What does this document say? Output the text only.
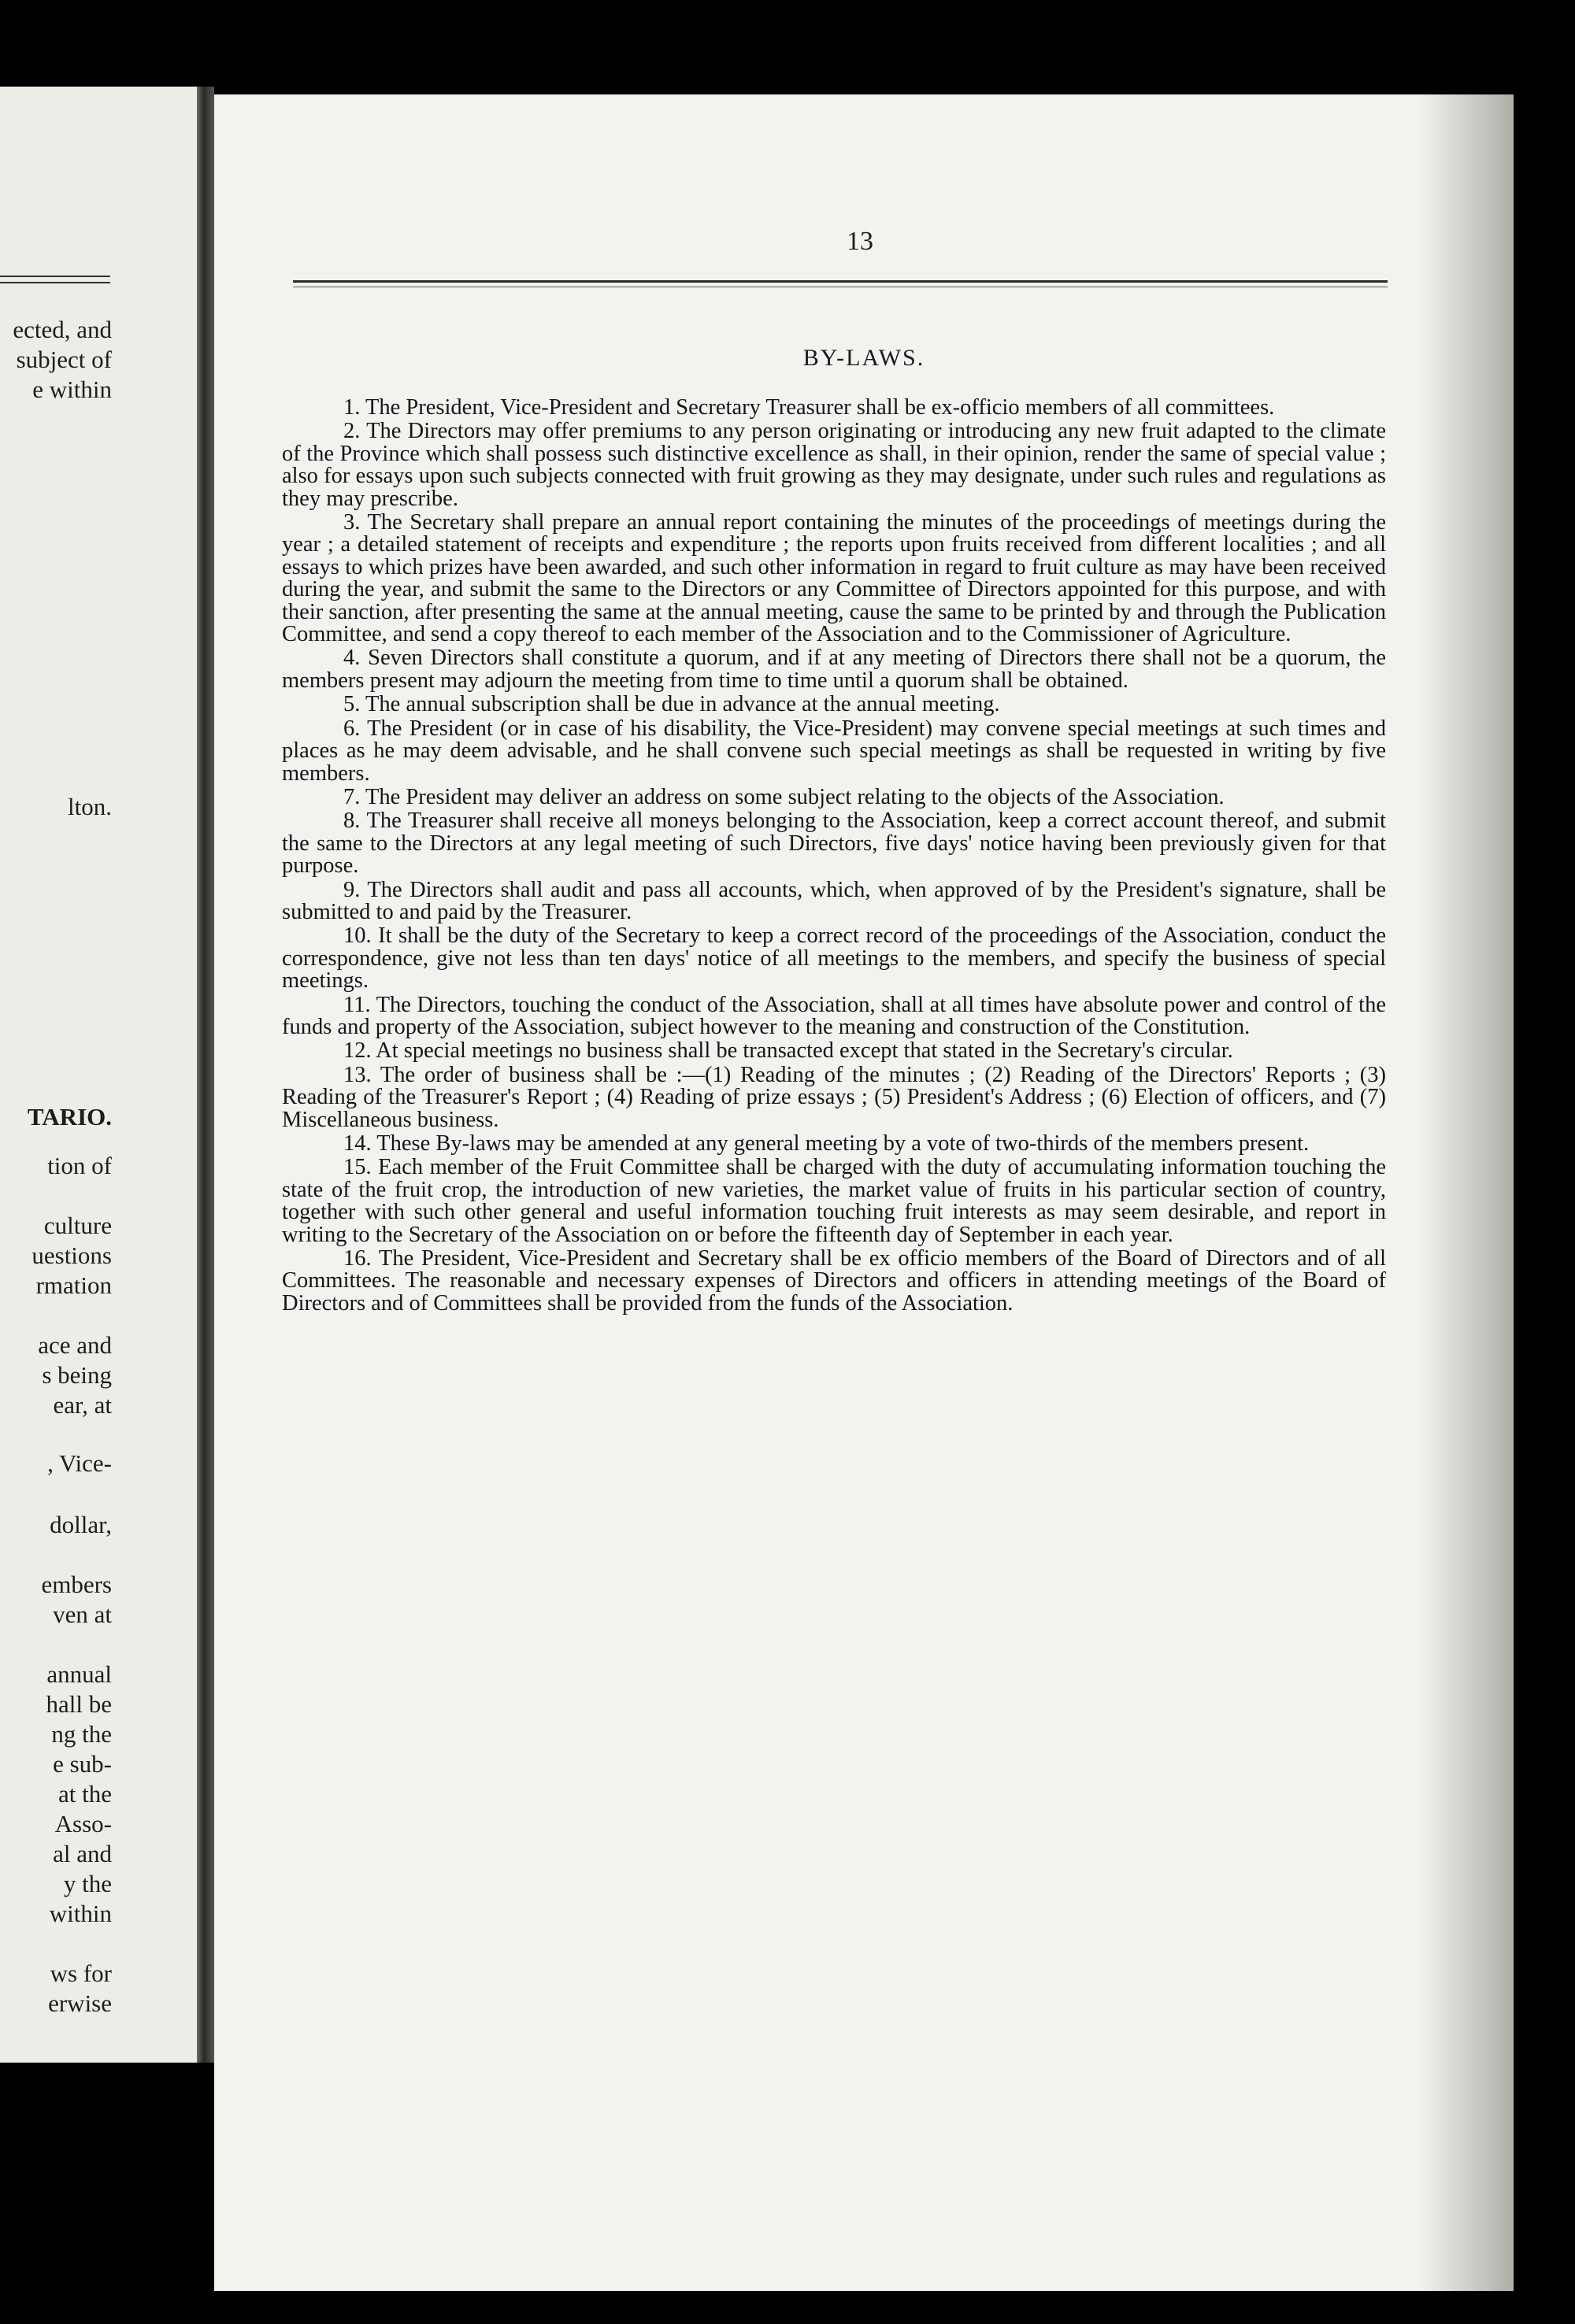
ected, and
subject of
e within
lton.
TARIO.
tion of
culture
uestions
rmation
ace and
s being
ear, at
, Vice-
dollar,
embers
ven at
annual
hall be
ng the
e sub-
at the
Asso-
al and
y the
within
ws for
erwise
13
BY-LAWS.

1. The President, Vice-President and Secretary Treasurer shall be ex-officio members of all committees.

2. The Directors may offer premiums to any person originating or introducing any new fruit adapted to the climate of the Province which shall possess such distinctive excellence as shall, in their opinion, render the same of special value ; also for essays upon such subjects connected with fruit growing as they may designate, under such rules and regulations as they may prescribe.

3. The Secretary shall prepare an annual report containing the minutes of the proceedings of meetings during the year ; a detailed statement of receipts and expenditure ; the reports upon fruits received from different localities ; and all essays to which prizes have been awarded, and such other information in regard to fruit culture as may have been received during the year, and submit the same to the Directors or any Committee of Directors appointed for this purpose, and with their sanction, after presenting the same at the annual meeting, cause the same to be printed by and through the Publication Committee, and send a copy thereof to each member of the Association and to the Commissioner of Agriculture.

4. Seven Directors shall constitute a quorum, and if at any meeting of Directors there shall not be a quorum, the members present may adjourn the meeting from time to time until a quorum shall be obtained.

5. The annual subscription shall be due in advance at the annual meeting.

6. The President (or in case of his disability, the Vice-President) may convene special meetings at such times and places as he may deem advisable, and he shall convene such special meetings as shall be requested in writing by five members.

7. The President may deliver an address on some subject relating to the objects of the Association.

8. The Treasurer shall receive all moneys belonging to the Association, keep a correct account thereof, and submit the same to the Directors at any legal meeting of such Directors, five days' notice having been previously given for that purpose.

9. The Directors shall audit and pass all accounts, which, when approved of by the President's signature, shall be submitted to and paid by the Treasurer.

10. It shall be the duty of the Secretary to keep a correct record of the proceedings of the Association, conduct the correspondence, give not less than ten days' notice of all meetings to the members, and specify the business of special meetings.

11. The Directors, touching the conduct of the Association, shall at all times have absolute power and control of the funds and property of the Association, subject however to the meaning and construction of the Constitution.

12. At special meetings no business shall be transacted except that stated in the Secretary's circular.

13. The order of business shall be :—(1) Reading of the minutes ; (2) Reading of the Directors' Reports ; (3) Reading of the Treasurer's Report ; (4) Reading of prize essays ; (5) President's Address ; (6) Election of officers, and (7) Miscellaneous business.

14. These By-laws may be amended at any general meeting by a vote of two-thirds of the members present.

15. Each member of the Fruit Committee shall be charged with the duty of accumulating information touching the state of the fruit crop, the introduction of new varieties, the market value of fruits in his particular section of country, together with such other general and useful information touching fruit interests as may seem desirable, and report in writing to the Secretary of the Association on or before the fifteenth day of September in each year.

16. The President, Vice-President and Secretary shall be ex officio members of the Board of Directors and of all Committees. The reasonable and necessary expenses of Directors and officers in attending meetings of the Board of Directors and of Committees shall be provided from the funds of the Association.
